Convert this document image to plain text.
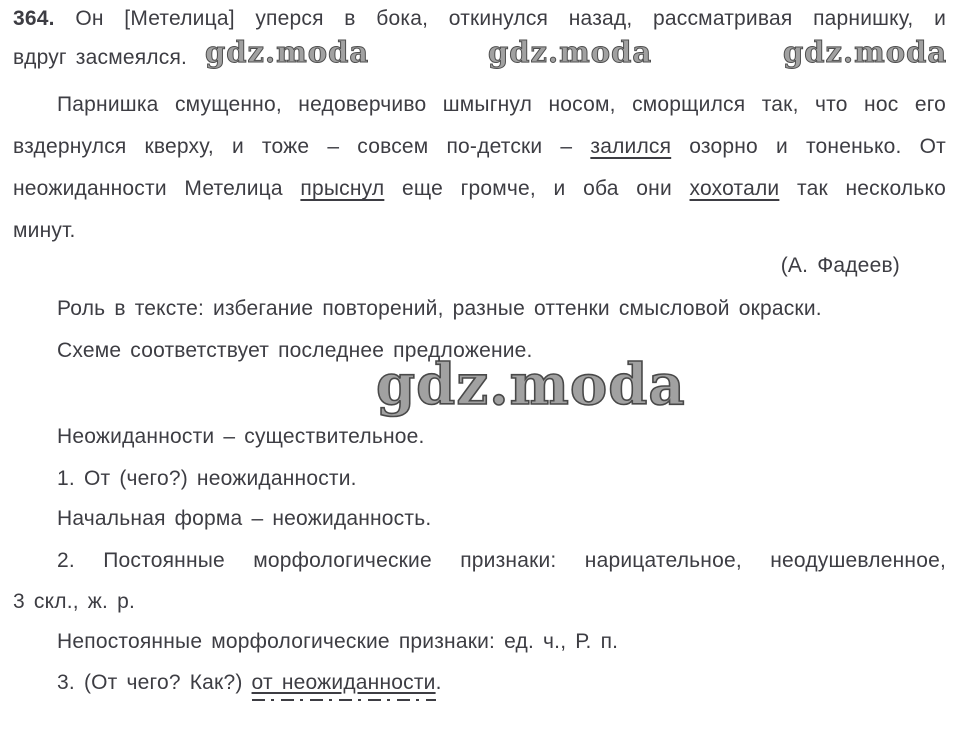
364. Он [Метелица] уперся в бока, откинулся назад, рассматривая парнишку, и
вдруг засмеялся. gdz.moda	gdz.moda	gdz.moda
Парнишка смущенно, недоверчиво шмыгнул носом, сморщился так, что нос его
вздернулся кверху, и тоже – совсем по-детски – залился озорно и тоненько. От
неожиданности Метелица прыснул еще громче, и оба они хохотали так несколько
минут.
(А. Фадеев)
Роль в тексте: избегание повторений, разные оттенки смысловой окраски.
Схеме соответствует последнее предложение.
gdz.moda
Неожиданности – существительное.
1. От (чего?) неожиданности.
Начальная форма – неожиданность.
2. Постоянные морфологические признаки: нарицательное, неодушевленное,
3 скл., ж. р.
Непостоянные морфологические признаки: ед. ч., Р. п.
3. (От чего? Как?) от неожиданности.
